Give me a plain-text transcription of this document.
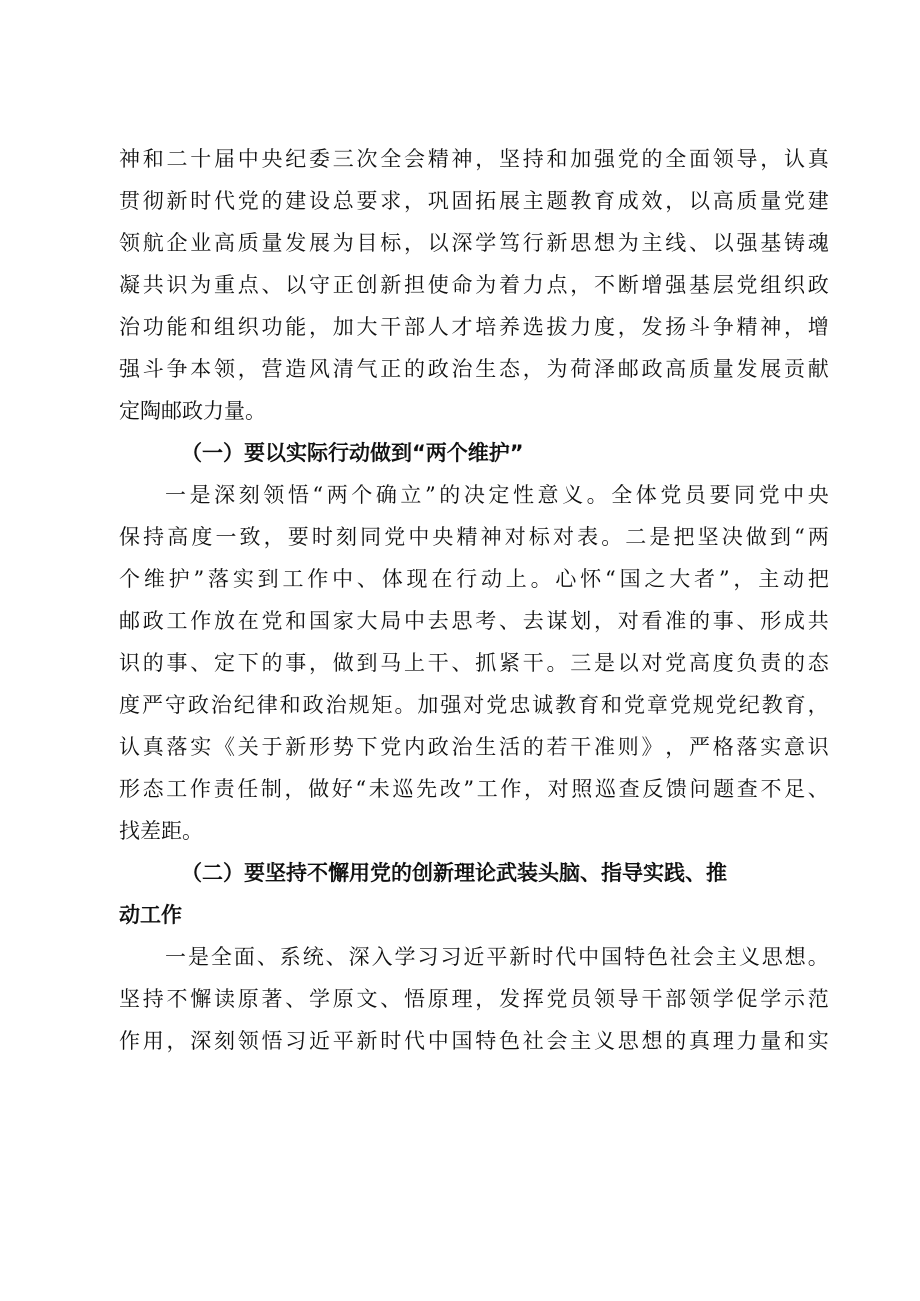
神 和 二 十 届 中 央 纪 委 三 次 全 会 精 神 ， 坚 持 和 加 强 党 的 全 面 领 导 ， 认 真
贯 彻 新 时 代 党 的 建 设 总 要 求 ， 巩 固 拓 展 主 题 教 育 成 效 ， 以 高 质 量 党 建
领 航 企 业 高 质 量 发 展 为 目 标 ， 以 深 学 笃 行 新 思 想 为 主 线 、 以 强 基 铸 魂
凝 共 识 为 重 点 、 以 守 正 创 新 担 使 命 为 着 力 点 ， 不 断 增 强 基 层 党 组 织 政
治 功 能 和 组 织 功 能 ， 加 大 干 部 人 才 培 养 选 拔 力 度 ， 发 扬 斗 争 精 神 ， 增
强 斗 争 本 领 ， 营 造 风 清 气 正 的 政 治 生 态 ， 为 荷 泽 邮 政 高 质 量 发 展 贡 献
定陶邮政力量。
（一）要以实际行动做到“两个维护”
一 是 深 刻 领 悟 “ 两 个 确 立 ” 的 决 定 性 意 义 。 全 体 党 员 要 同 党 中 央
保 持 高 度 一 致 ， 要 时 刻 同 党 中 央 精 神 对 标 对 表 。 二 是 把 坚 决 做 到 “ 两
个 维 护 ” 落 实 到 工 作 中 、 体 现 在 行 动 上 。 心 怀 “ 国 之 大 者 ” ， 主 动 把
邮 政 工 作 放 在 党 和 国 家 大 局 中 去 思 考 、 去 谋 划 ， 对 看 准 的 事 、 形 成 共
识 的 事 、 定 下 的 事 ， 做 到 马 上 干 、 抓 紧 干 。 三 是 以 对 党 高 度 负 责 的 态
度 严 守 政 治 纪 律 和 政 治 规 矩 。 加 强 对 党 忠 诚 教 育 和 党 章 党 规 党 纪 教 育 ，
认 真 落 实 《 关 于 新 形 势 下 党 内 政 治 生 活 的 若 干 准 则 》 ， 严 格 落 实 意 识
形 态 工 作 责 任 制 ， 做 好 “ 未 巡 先 改 ” 工 作 ， 对 照 巡 查 反 馈 问 题 查 不 足 、
找差距。
（二）要坚持不懈用党的创新理论武装头脑、指导实践、推
动工作
一 是 全 面 、 系 统 、 深 入 学 习 习 近 平 新 时 代 中 国 特 色 社 会 主 义 思 想 。
坚 持 不 懈 读 原 著 、 学 原 文 、 悟 原 理 ， 发 挥 党 员 领 导 干 部 领 学 促 学 示 范
作 用 ， 深 刻 领 悟 习 近 平 新 时 代 中 国 特 色 社 会 主 义 思 想 的 真 理 力 量 和 实
